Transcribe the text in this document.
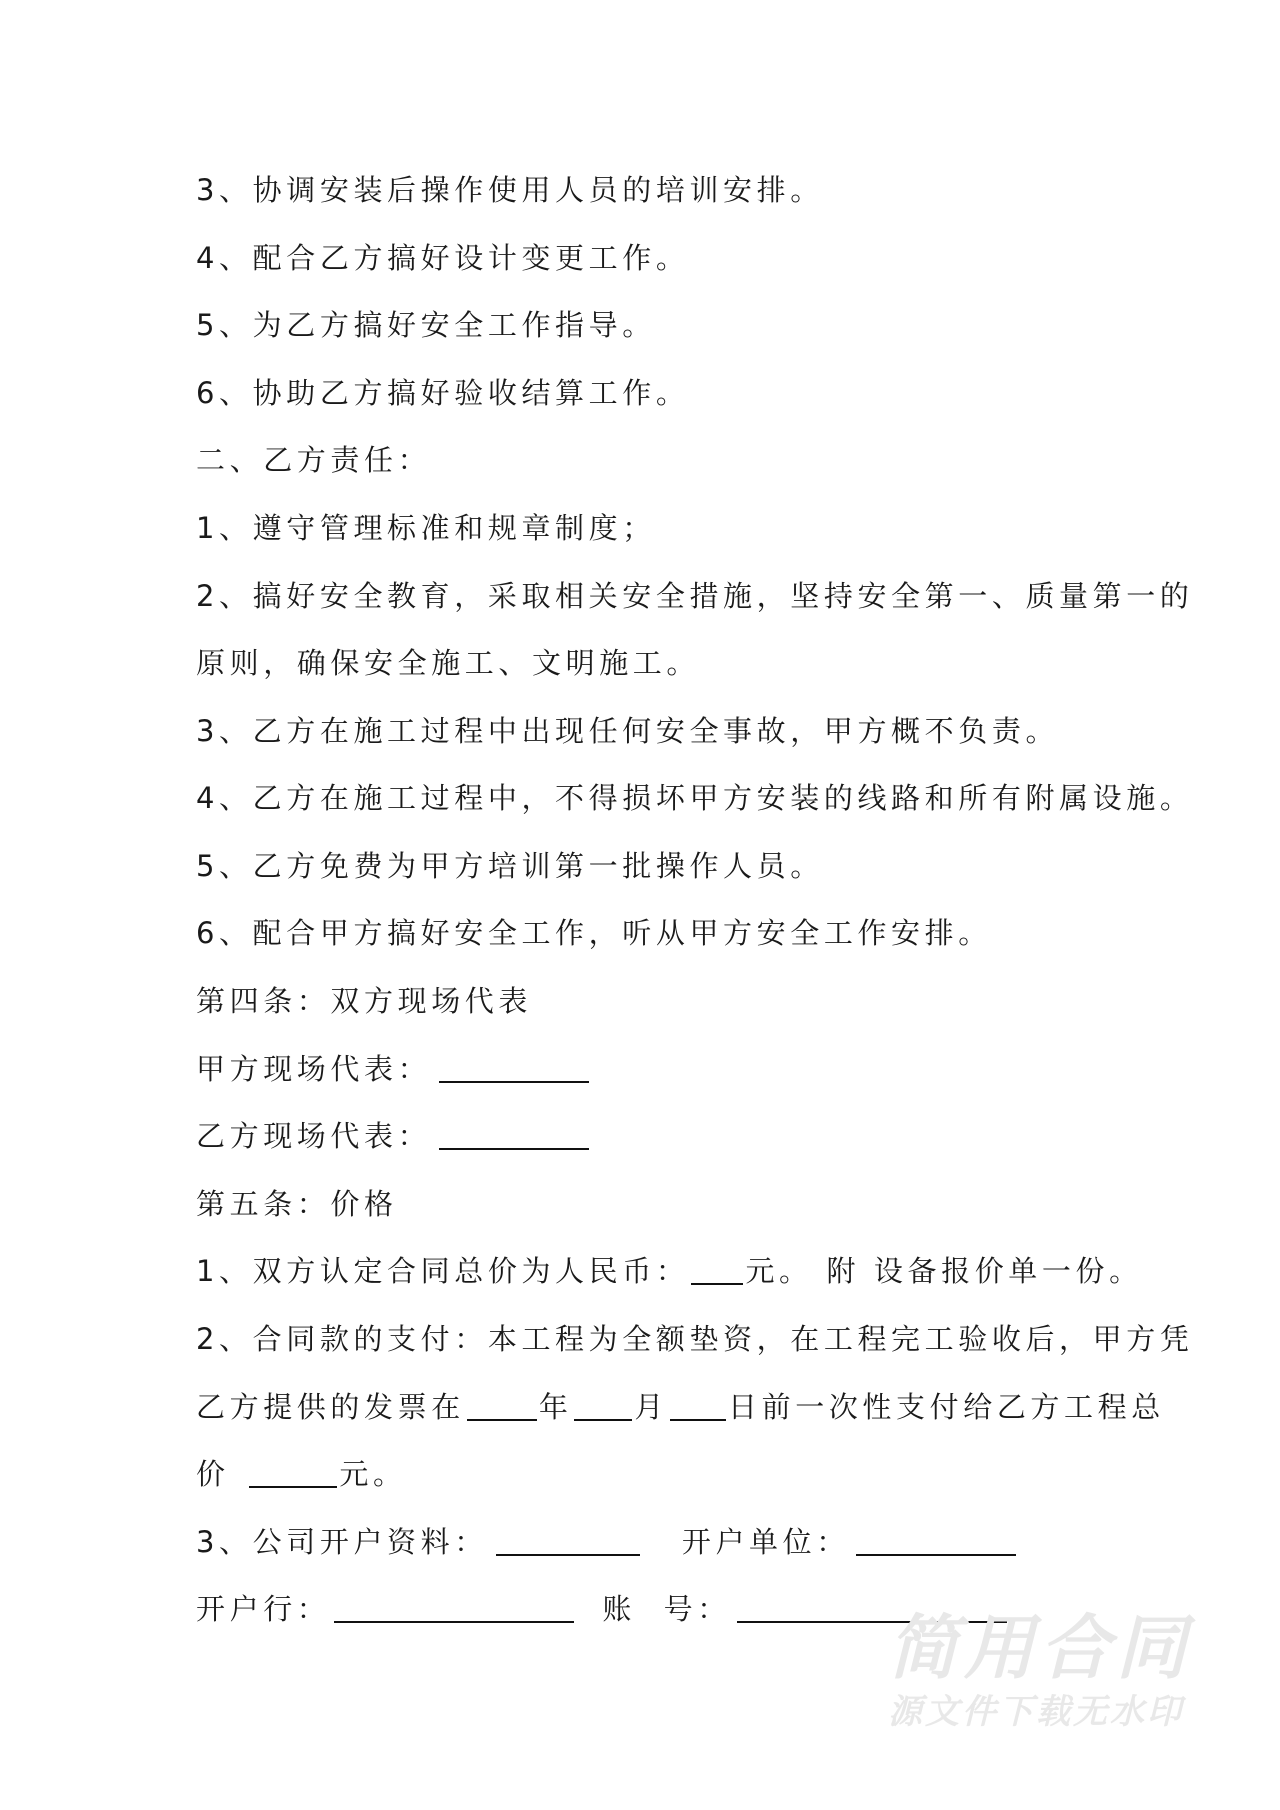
3、协调安装后操作使用人员的培训安排。
4、配合乙方搞好设计变更工作。
5、为乙方搞好安全工作指导。
6、协助乙方搞好验收结算工作。
二、乙方责任：
1、遵守管理标准和规章制度；
2、搞好安全教育，采取相关安全措施，坚持安全第一、质量第一的
原则，确保安全施工、文明施工。
3、乙方在施工过程中出现任何安全事故，甲方概不负责。
4、乙方在施工过程中，不得损坏甲方安装的线路和所有附属设施。
5、乙方免费为甲方培训第一批操作人员。
6、配合甲方搞好安全工作，听从甲方安全工作安排。
第四条：双方现场代表
甲方现场代表：
乙方现场代表：
第五条：价格
1、双方认定合同总价为人民币： 元。 附 设备报价单一份。
2、合同款的支付：本工程为全额垫资，在工程完工验收后，甲方凭
乙方提供的发票在	年 月 日前一次性支付给乙方工程总
价	元。
3、公司开户资料：	开户单位：
开户行：	账  号：	简用合同
源文件下载无水印
